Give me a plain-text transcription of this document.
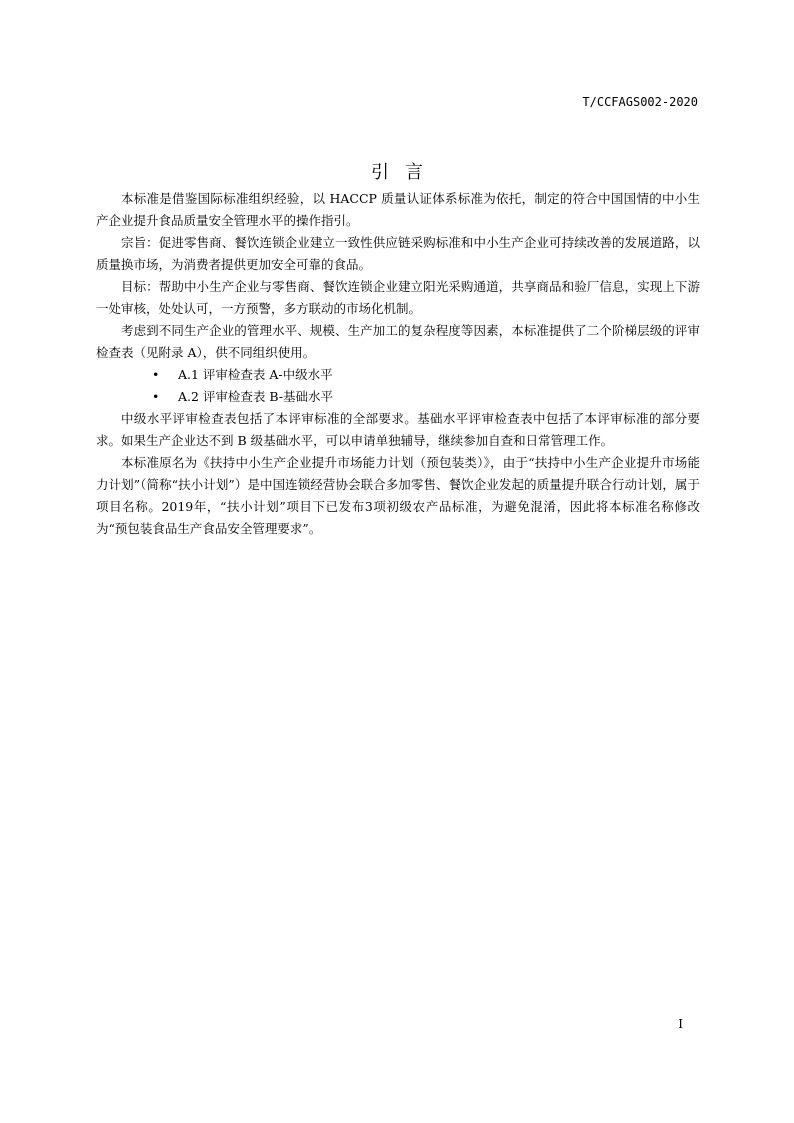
T/CCFAGS002-2020
引言

本标准是借鉴国际标准组织经验，以 HACCP 质量认证体系标准为依托，制定的符合中国国情的中小生产企业提升食品质量安全管理水平的操作指引。

宗旨：促进零售商、餐饮连锁企业建立一致性供应链采购标准和中小生产企业可持续改善的发展道路，以质量换市场，为消费者提供更加安全可靠的食品。

目标：帮助中小生产企业与零售商、餐饮连锁企业建立阳光采购通道，共享商品和验厂信息，实现上下游一处审核，处处认可，一方预警，多方联动的市场化机制。

考虑到不同生产企业的管理水平、规模、生产加工的复杂程度等因素，本标准提供了二个阶梯层级的评审检查表（见附录 A），供不同组织使用。

• A.1 评审检查表 A-中级水平
• A.2 评审检查表 B-基础水平

中级水平评审检查表包括了本评审标准的全部要求。基础水平评审检查表中包括了本评审标准的部分要求。如果生产企业达不到 B 级基础水平，可以申请单独辅导，继续参加自查和日常管理工作。

本标准原名为《扶持中小生产企业提升市场能力计划（预包装类）》，由于“扶持中小生产企业提升市场能力计划”（简称“扶小计划”）是中国连锁经营协会联合多加零售、餐饮企业发起的质量提升联合行动计划，属于项目名称。2019年，“扶小计划”项目下已发布3项初级农产品标准，为避免混淆，因此将本标准名称修改为“预包装食品生产食品安全管理要求”。

I
